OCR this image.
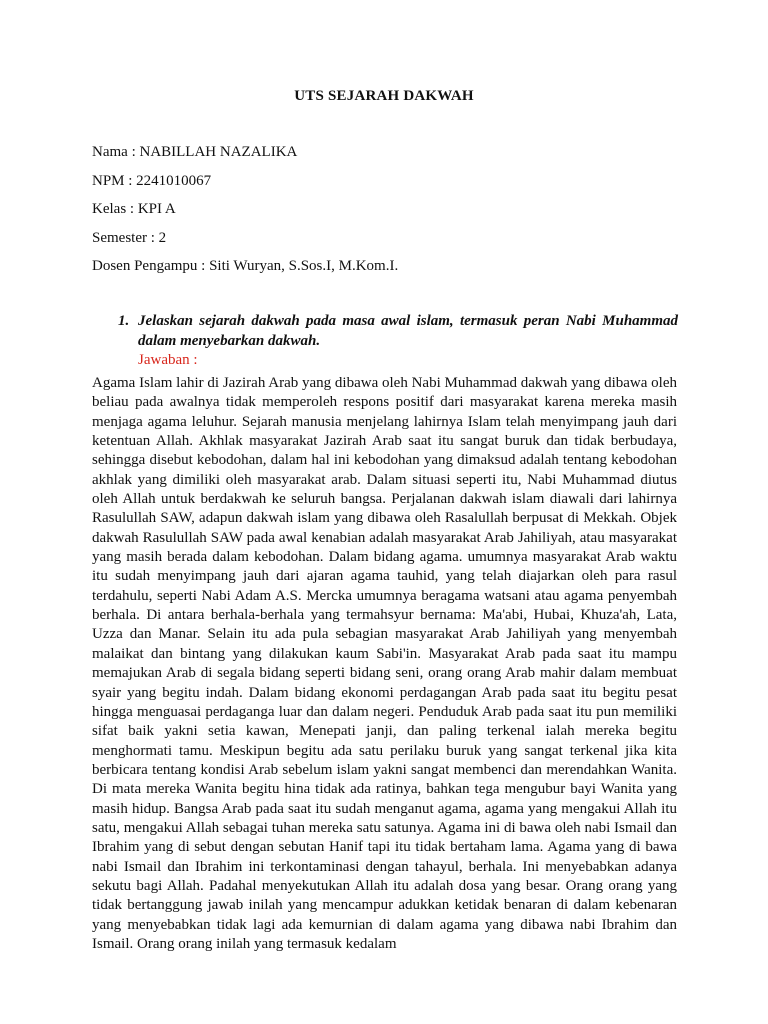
UTS SEJARAH DAKWAH
Nama : NABILLAH NAZALIKA
NPM : 2241010067
Kelas : KPI A
Semester : 2
Dosen Pengampu : Siti Wuryan, S.Sos.I, M.Kom.I.
1. Jelaskan sejarah dakwah pada masa awal islam, termasuk peran Nabi Muhammad dalam menyebarkan dakwah.
Jawaban :
Agama Islam lahir di Jazirah Arab yang dibawa oleh Nabi Muhammad dakwah yang dibawa oleh beliau pada awalnya tidak memperoleh respons positif dari masyarakat karena mereka masih menjaga agama leluhur. Sejarah manusia menjelang lahirnya Islam telah menyimpang jauh dari ketentuan Allah. Akhlak masyarakat Jazirah Arab saat itu sangat buruk dan tidak berbudaya, sehingga disebut kebodohan, dalam hal ini kebodohan yang dimaksud adalah tentang kebodohan akhlak yang dimiliki oleh masyarakat arab. Dalam situasi seperti itu, Nabi Muhammad diutus oleh Allah untuk berdakwah ke seluruh bangsa. Perjalanan dakwah islam diawali dari lahirnya Rasulullah SAW, adapun dakwah islam yang dibawa oleh Rasalullah berpusat di Mekkah. Objek dakwah Rasulullah SAW pada awal kenabian adalah masyarakat Arab Jahiliyah, atau masyarakat yang masih berada dalam kebodohan. Dalam bidang agama. umumnya masyarakat Arab waktu itu sudah menyimpang jauh dari ajaran agama tauhid, yang telah diajarkan oleh para rasul terdahulu, seperti Nabi Adam A.S. Mercka umumnya beragama watsani atau agama penyembah berhala. Di antara berhala-berhala yang termahsyur bernama: Ma'abi, Hubai, Khuza'ah, Lata, Uzza dan Manar. Selain itu ada pula sebagian masyarakat Arab Jahiliyah yang menyembah malaikat dan bintang yang dilakukan kaum Sabi'in. Masyarakat Arab pada saat itu mampu memajukan Arab di segala bidang seperti bidang seni, orang orang Arab mahir dalam membuat syair yang begitu indah. Dalam bidang ekonomi perdagangan Arab pada saat itu begitu pesat hingga menguasai perdaganga luar dan dalam negeri. Penduduk Arab pada saat itu pun memiliki sifat baik yakni setia kawan, Menepati janji, dan paling terkenal ialah mereka begitu menghormati tamu. Meskipun begitu ada satu perilaku buruk yang sangat terkenal jika kita berbicara tentang kondisi Arab sebelum islam yakni sangat membenci dan merendahkan Wanita. Di mata mereka Wanita begitu hina tidak ada ratinya, bahkan tega mengubur bayi Wanita yang masih hidup. Bangsa Arab pada saat itu sudah menganut agama, agama yang mengakui Allah itu satu, mengakui Allah sebagai tuhan mereka satu satunya. Agama ini di bawa oleh nabi Ismail dan Ibrahim yang di sebut dengan sebutan Hanif tapi itu tidak bertaham lama. Agama yang di bawa nabi Ismail dan Ibrahim ini terkontaminasi dengan tahayul, berhala. Ini menyebabkan adanya sekutu bagi Allah. Padahal menyekutukan Allah itu adalah dosa yang besar. Orang orang yang tidak bertanggung jawab inilah yang mencampur adukkan ketidak benaran di dalam kebenaran yang menyebabkan tidak lagi ada kemurnian di dalam agama yang dibawa nabi Ibrahim dan Ismail. Orang orang inilah yang termasuk kedalam
